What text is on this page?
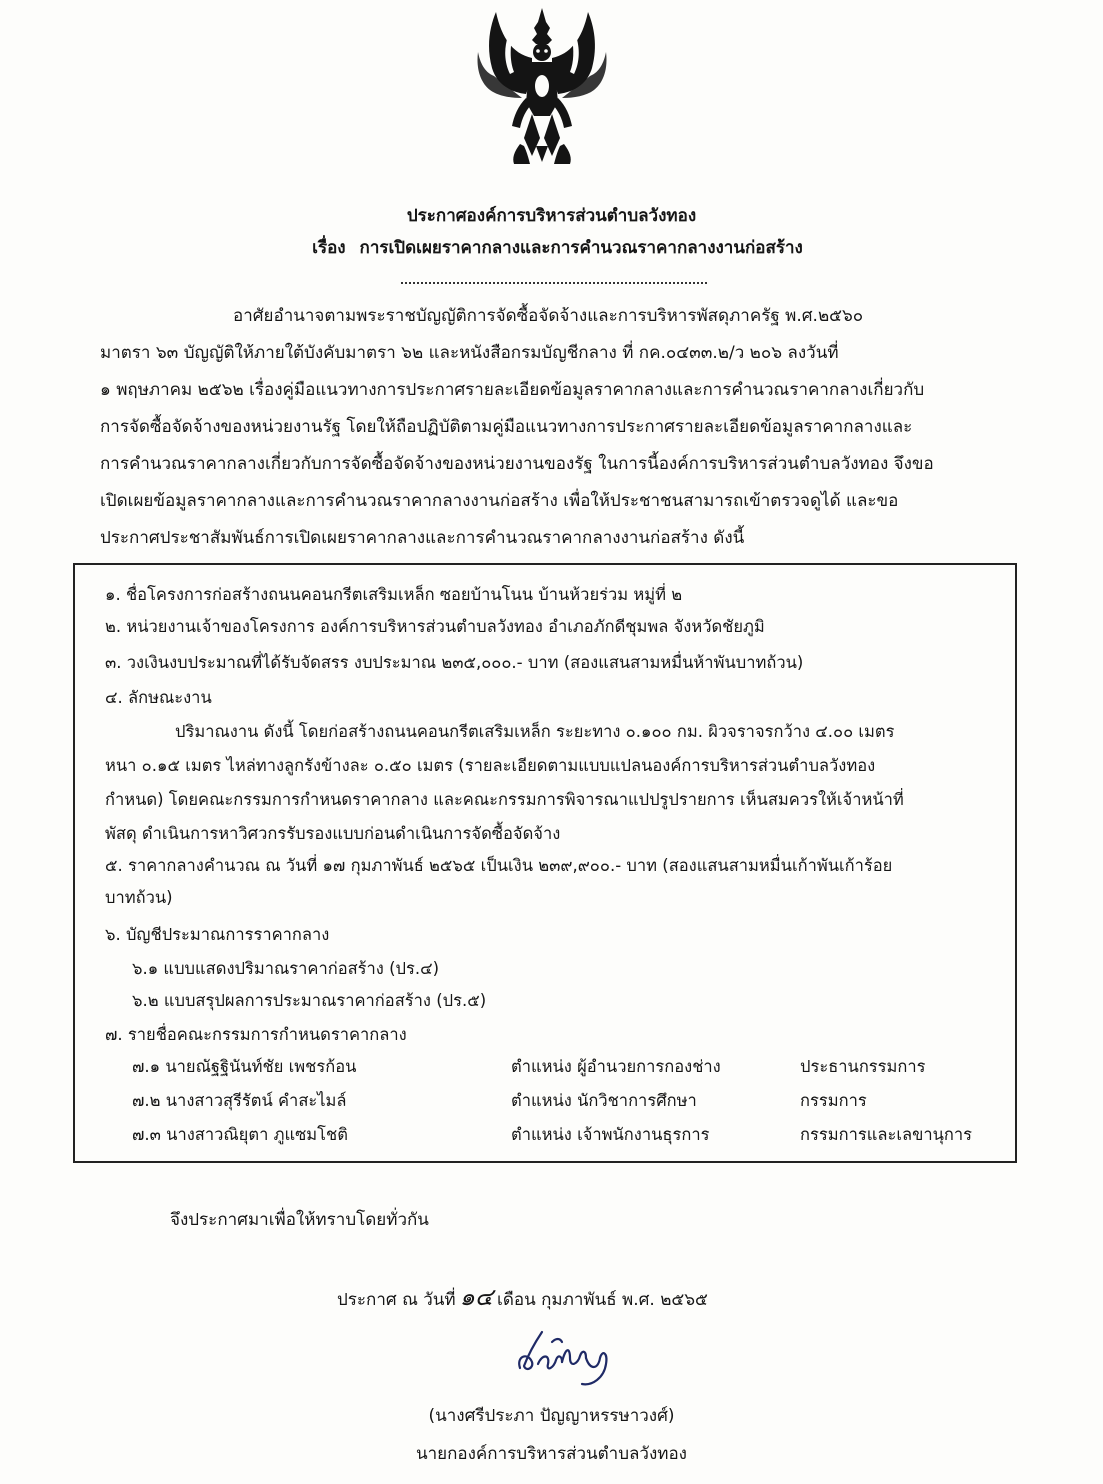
ประกาศองค์การบริหารส่วนตำบลวังทอง
เรื่อง การเปิดเผยราคากลางและการคำนวณราคากลางงานก่อสร้าง
อาศัยอำนาจตามพระราชบัญญัติการจัดซื้อจัดจ้างและการบริหารพัสดุภาครัฐ พ.ศ.๒๕๖๐
มาตรา ๖๓ บัญญัติให้ภายใต้บังคับมาตรา ๖๒ และหนังสือกรมบัญชีกลาง ที่ กค.๐๔๓๓.๒/ว ๒๐๖ ลงวันที่
๑ พฤษภาคม ๒๕๖๒ เรื่องคู่มือแนวทางการประกาศรายละเอียดข้อมูลราคากลางและการคำนวณราคากลางเกี่ยวกับ
การจัดซื้อจัดจ้างของหน่วยงานรัฐ โดยให้ถือปฏิบัติตามคู่มือแนวทางการประกาศรายละเอียดข้อมูลราคากลางและ
การคำนวณราคากลางเกี่ยวกับการจัดซื้อจัดจ้างของหน่วยงานของรัฐ ในการนี้องค์การบริหารส่วนตำบลวังทอง จึงขอ
เปิดเผยข้อมูลราคากลางและการคำนวณราคากลางงานก่อสร้าง เพื่อให้ประชาชนสามารถเข้าตรวจดูได้ และขอ
ประกาศประชาสัมพันธ์การเปิดเผยราคากลางและการคำนวณราคากลางงานก่อสร้าง ดังนี้
๑. ชื่อโครงการก่อสร้างถนนคอนกรีตเสริมเหล็ก ซอยบ้านโนน บ้านห้วยร่วม หมู่ที่ ๒
๒. หน่วยงานเจ้าของโครงการ องค์การบริหารส่วนตำบลวังทอง อำเภอภักดีชุมพล จังหวัดชัยภูมิ
๓. วงเงินงบประมาณที่ได้รับจัดสรร งบประมาณ ๒๓๕,๐๐๐.- บาท (สองแสนสามหมื่นห้าพันบาทถ้วน)
๔. ลักษณะงาน
ปริมาณงาน ดังนี้ โดยก่อสร้างถนนคอนกรีตเสริมเหล็ก ระยะทาง ๐.๑๐๐ กม. ผิวจราจรกว้าง ๔.๐๐ เมตร
หนา ๐.๑๕ เมตร ไหล่ทางลูกรังข้างละ ๐.๕๐ เมตร (รายละเอียดตามแบบแปลนองค์การบริหารส่วนตำบลวังทอง
กำหนด) โดยคณะกรรมการกำหนดราคากลาง และคณะกรรมการพิจารณาแปปรูปรายการ เห็นสมควรให้เจ้าหน้าที่
พัสดุ ดำเนินการหาวิศวกรรับรองแบบก่อนดำเนินการจัดซื้อจัดจ้าง
๕. ราคากลางคำนวณ ณ วันที่ ๑๗ กุมภาพันธ์ ๒๕๖๕ เป็นเงิน ๒๓๙,๙๐๐.- บาท (สองแสนสามหมื่นเก้าพันเก้าร้อย
บาทถ้วน)
๖. บัญชีประมาณการราคากลาง
๖.๑ แบบแสดงปริมาณราคาก่อสร้าง (ปร.๔)
๖.๒ แบบสรุปผลการประมาณราคาก่อสร้าง (ปร.๕)
๗. รายชื่อคณะกรรมการกำหนดราคากลาง
๗.๑ นายณัฐฐินันท์ชัย เพชรก้อน	ตำแหน่ง ผู้อำนวยการกองช่าง	ประธานกรรมการ
๗.๒ นางสาวสุรีรัตน์ คำสะไมล์	ตำแหน่ง นักวิชาการศึกษา	กรรมการ
๗.๓ นางสาวณิยุตา ภูแซมโชติ	ตำแหน่ง เจ้าพนักงานธุรการ	กรรมการและเลขานุการ
จึงประกาศมาเพื่อให้ทราบโดยทั่วกัน
ประกาศ ณ วันที่ ๑๔ เดือน กุมภาพันธ์ พ.ศ. ๒๕๖๕
(นางศรีประภา ปัญญาหรรษาวงศ์)
นายกองค์การบริหารส่วนตำบลวังทอง
